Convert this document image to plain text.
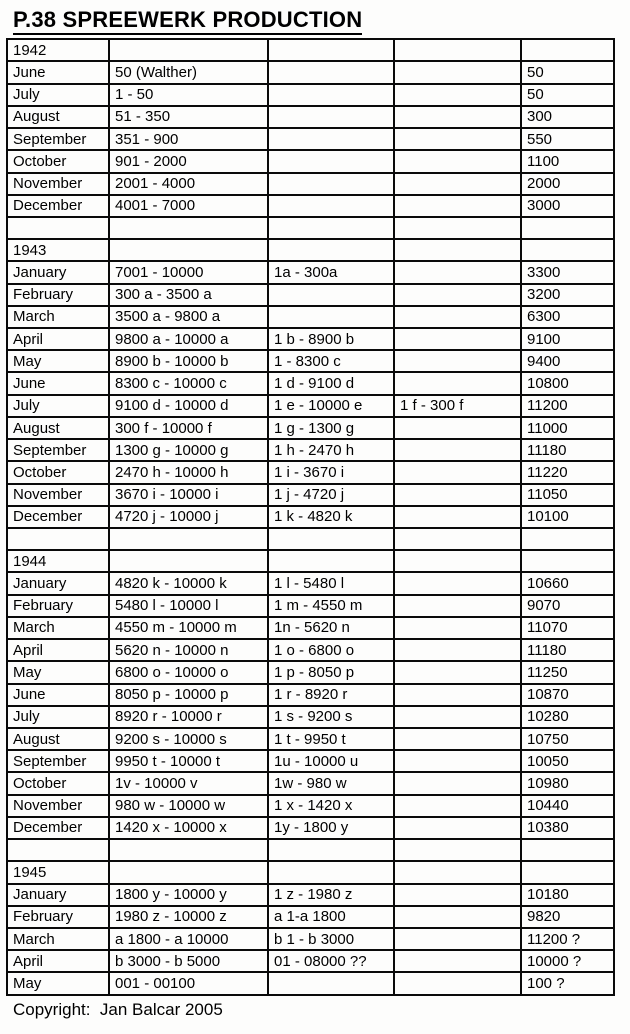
P.38 SPREEWERK PRODUCTION
1942				
June	50 (Walther)			50
July	1 - 50			50
August	51 - 350			300
September	351 - 900			550
October	901 - 2000			1100
November	2001 - 4000			2000
December	4001 - 7000			3000

1943				
January	7001 - 10000	1a - 300a		3300
February	300 a - 3500 a			3200
March	3500 a - 9800 a			6300
April	9800 a - 10000 a	1 b - 8900 b		9100
May	8900 b - 10000 b	1 - 8300 c		9400
June	8300 c - 10000 c	1 d - 9100 d		10800
July	9100 d - 10000 d	1 e - 10000 e	1 f - 300 f	11200
August	300 f - 10000 f	1 g - 1300 g		11000
September	1300 g - 10000 g	1 h - 2470 h		11180
October	2470 h - 10000 h	1 i - 3670 i		11220
November	3670 i - 10000 i	1 j - 4720 j		11050
December	4720 j - 10000 j	1 k - 4820 k		10100

1944				
January	4820 k - 10000 k	1 l - 5480 l		10660
February	5480 l - 10000 l	1 m - 4550 m		9070
March	4550 m - 10000 m	1n - 5620 n		11070
April	5620 n - 10000 n	1 o - 6800 o		11180
May	6800 o - 10000 o	1 p - 8050 p		11250
June	8050 p - 10000 p	1 r - 8920 r		10870
July	8920 r - 10000 r	1 s - 9200 s		10280
August	9200 s - 10000 s	1 t - 9950 t		10750
September	9950 t - 10000 t	1u - 10000 u		10050
October	1v - 10000 v	1w - 980 w		10980
November	980 w - 10000 w	1 x - 1420 x		10440
December	1420 x - 10000 x	1y - 1800 y		10380

1945				
January	1800 y - 10000 y	1 z - 1980 z		10180
February	1980 z - 10000 z	a 1-a 1800		9820
March	a 1800 - a 10000	b 1 - b 3000		11200 ?
April	b 3000 - b 5000	01 - 08000 ??		10000 ?
May	001 - 00100			100 ?
Copyright:  Jan Balcar 2005
